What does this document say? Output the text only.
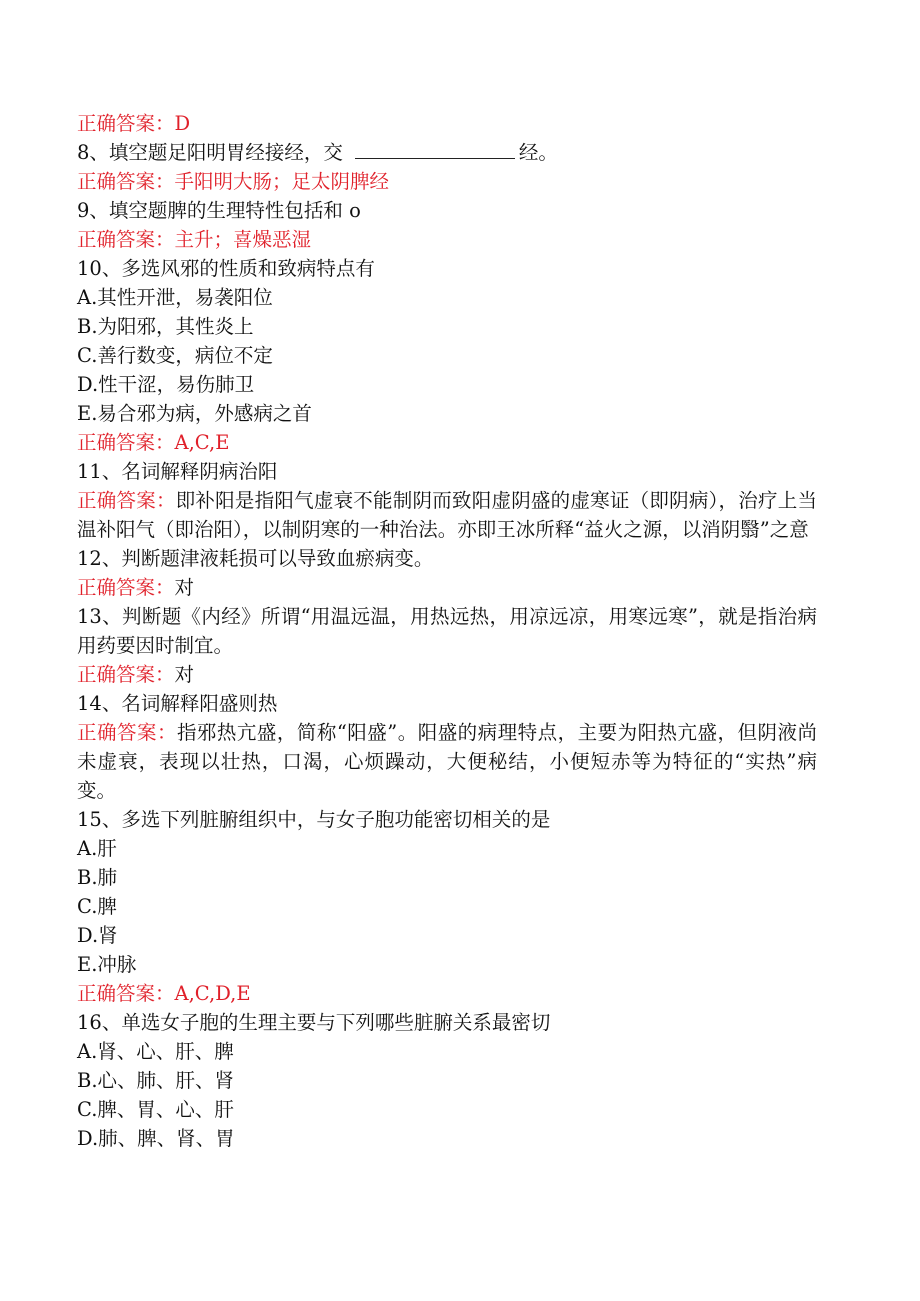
正确答案：D
8、填空题足阳明胃经接经，交	经。
正确答案：手阳明大肠；足太阴脾经
9、填空题脾的生理特性包括和 o
正确答案：主升；喜燥恶湿
10、多选风邪的性质和致病特点有
A.其性开泄，易袭阳位
B.为阳邪，其性炎上
C.善行数变，病位不定
D.性干涩，易伤肺卫
E.易合邪为病，外感病之首
正确答案：A,C,E
11、名词解释阴病治阳
正确答案：即补阳是指阳气虚衰不能制阴而致阳虚阴盛的虚寒证（即阴病），治疗上当温补阳气（即治阳），以制阴寒的一种治法。亦即王冰所释“益火之源，以消阴翳”之意
12、判断题津液耗损可以导致血瘀病变。
正确答案：对
13、判断题《内经》所谓“用温远温，用热远热，用凉远凉，用寒远寒”，就是指治病用药要因时制宜。
正确答案：对
14、名词解释阳盛则热
正确答案：指邪热亢盛，简称“阳盛”。阳盛的病理特点，主要为阳热亢盛，但阴液尚未虚衰，表现以壮热，口渴，心烦躁动，大便秘结，小便短赤等为特征的“实热”病变。
15、多选下列脏腑组织中，与女子胞功能密切相关的是
A.肝
B.肺
C.脾
D.肾
E.冲脉
正确答案：A,C,D,E
16、单选女子胞的生理主要与下列哪些脏腑关系最密切
A.肾、心、肝、脾
B.心、肺、肝、肾
C.脾、胃、心、肝
D.肺、脾、肾、胃
